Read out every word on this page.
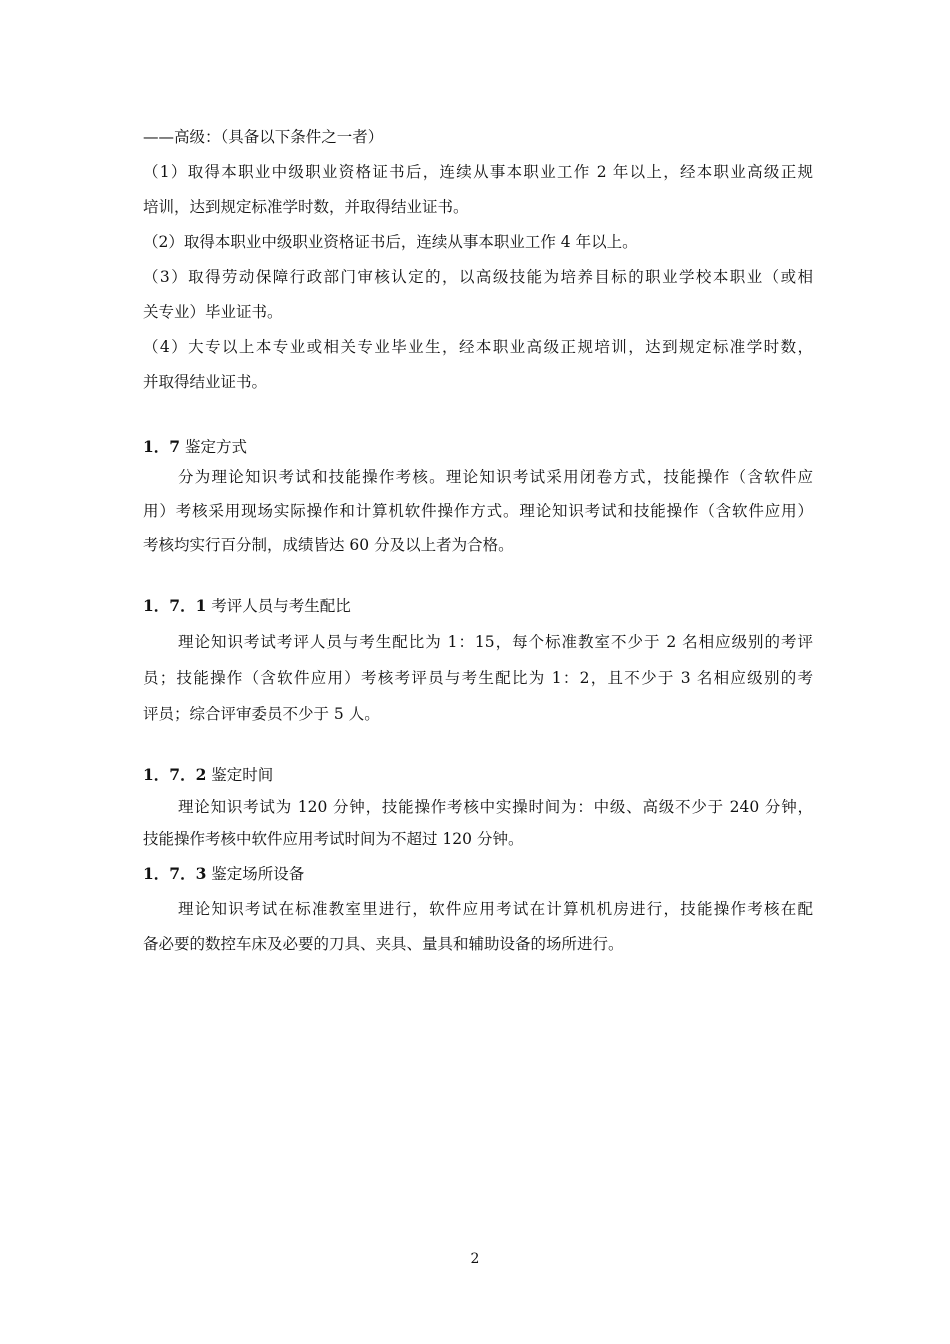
——高级：（具备以下条件之一者）
（1）取得本职业中级职业资格证书后，连续从事本职业工作 2 年以上，经本职业高级正规
培训，达到规定标准学时数，并取得结业证书。
（2）取得本职业中级职业资格证书后，连续从事本职业工作 4 年以上。
（3）取得劳动保障行政部门审核认定的，以高级技能为培养目标的职业学校本职业（或相
关专业）毕业证书。
（4）大专以上本专业或相关专业毕业生，经本职业高级正规培训，达到规定标准学时数，
并取得结业证书。
1．7 鉴定方式
分为理论知识考试和技能操作考核。理论知识考试采用闭卷方式，技能操作（含软件应
用）考核采用现场实际操作和计算机软件操作方式。理论知识考试和技能操作（含软件应用）
考核均实行百分制，成绩皆达 60 分及以上者为合格。
1．7．1 考评人员与考生配比
理论知识考试考评人员与考生配比为 1：15，每个标准教室不少于 2 名相应级别的考评
员；技能操作（含软件应用）考核考评员与考生配比为 1：2，且不少于 3 名相应级别的考
评员；综合评审委员不少于 5 人。
1．7．2 鉴定时间
理论知识考试为 120 分钟，技能操作考核中实操时间为：中级、高级不少于 240 分钟，
技能操作考核中软件应用考试时间为不超过 120 分钟。
1．7．3 鉴定场所设备
理论知识考试在标准教室里进行，软件应用考试在计算机机房进行，技能操作考核在配
备必要的数控车床及必要的刀具、夹具、量具和辅助设备的场所进行。
2
